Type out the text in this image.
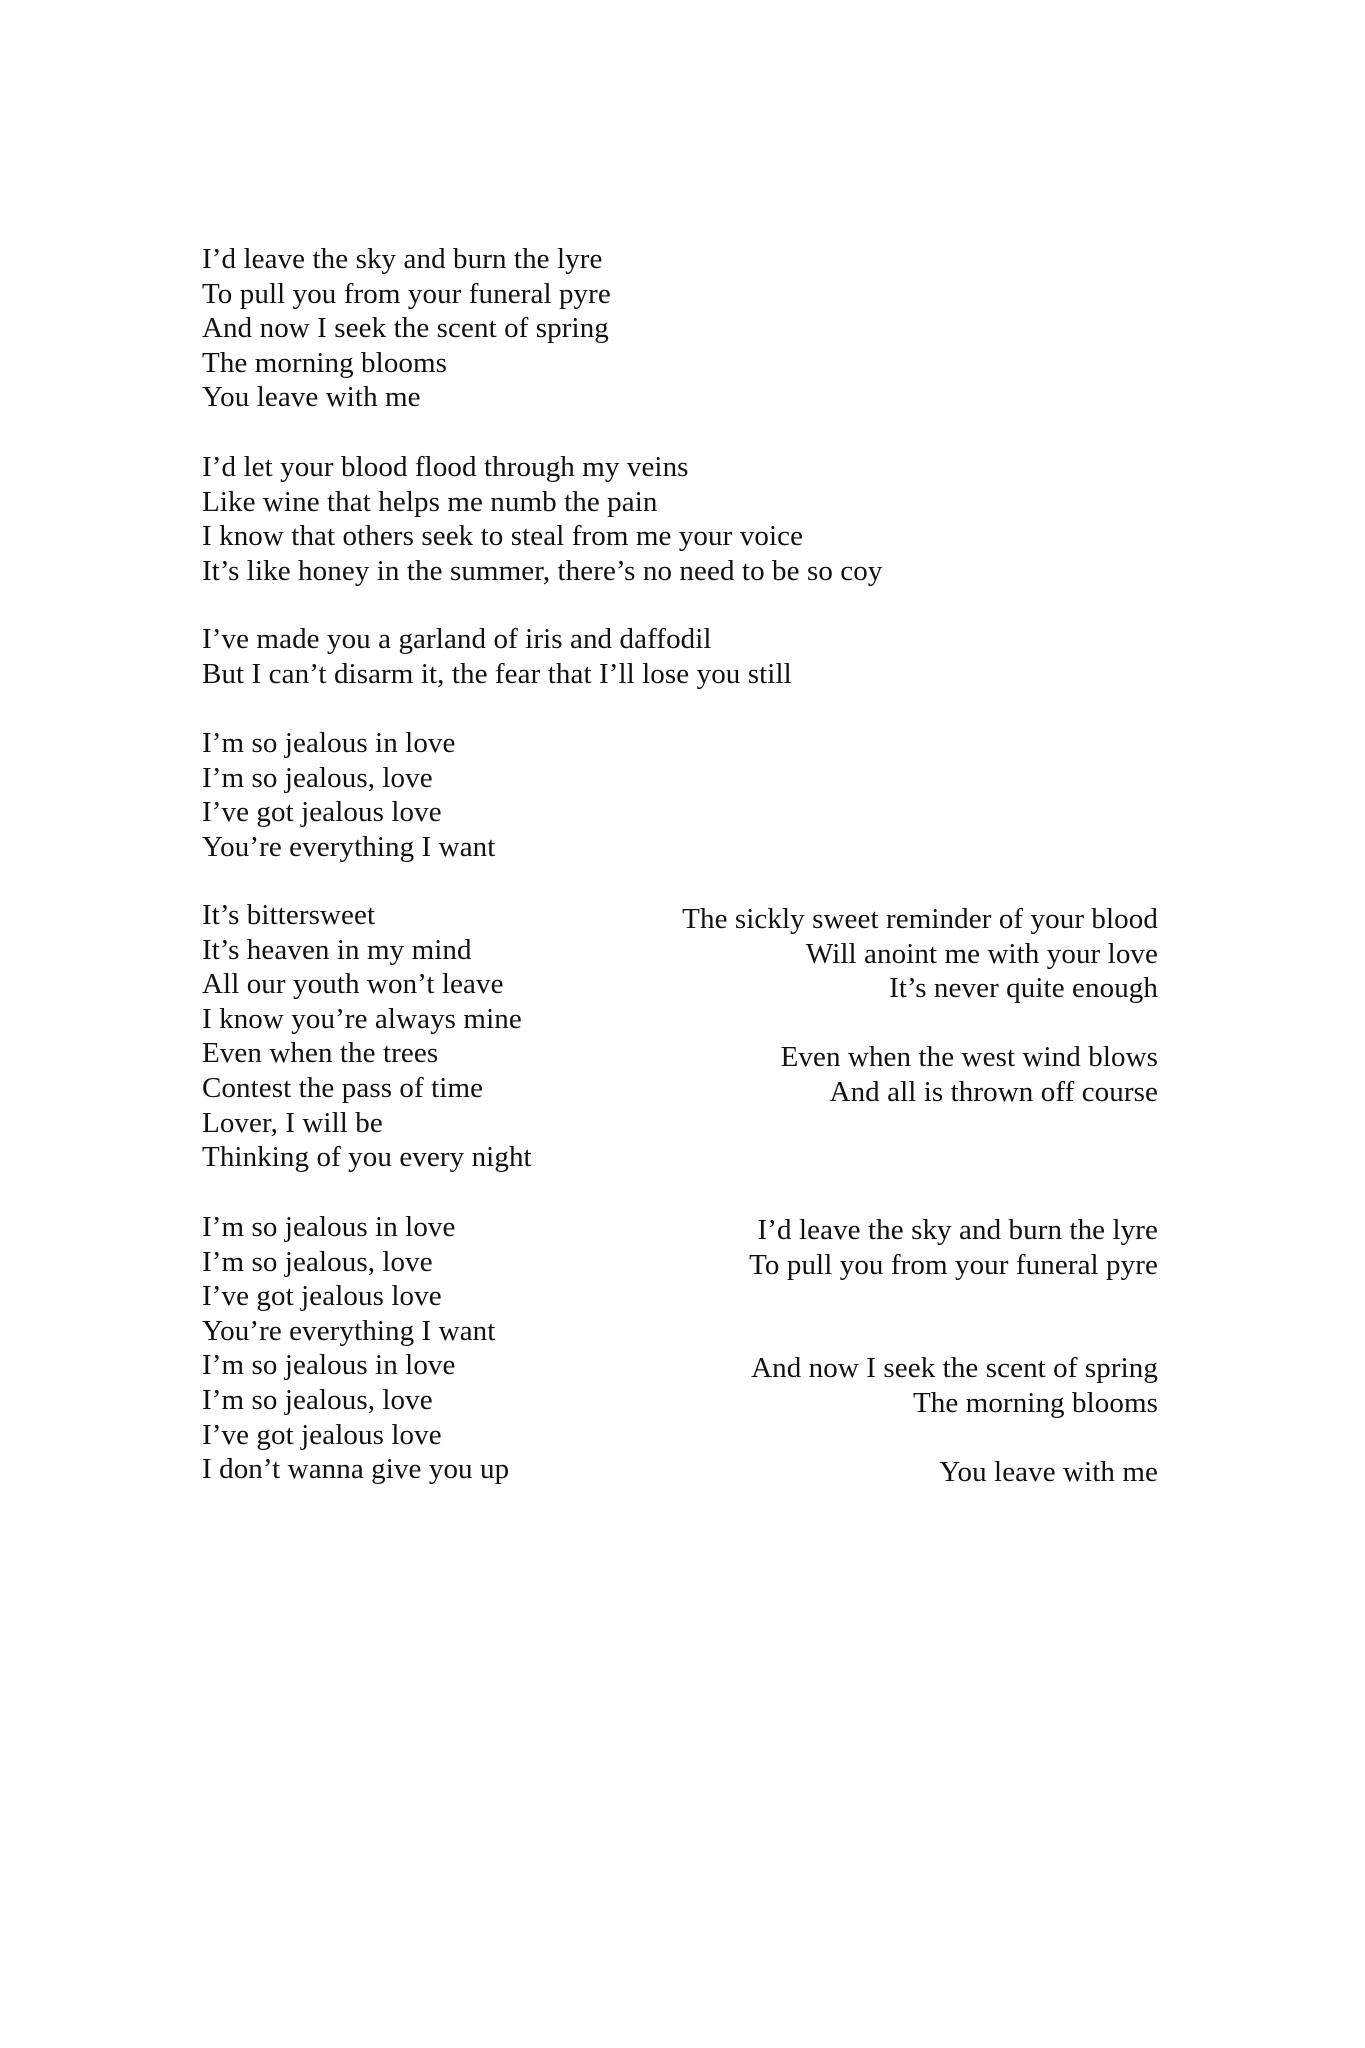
I’d leave the sky and burn the lyre
To pull you from your funeral pyre
And now I seek the scent of spring
The morning blooms
You leave with me
I’d let your blood flood through my veins
Like wine that helps me numb the pain
I know that others seek to steal from me your voice
It’s like honey in the summer, there’s no need to be so coy
I’ve made you a garland of iris and daffodil
But I can’t disarm it, the fear that I’ll lose you still
I’m so jealous in love
I’m so jealous, love
I’ve got jealous love
You’re everything I want
It’s bittersweet
It’s heaven in my mind
All our youth won’t leave
I know you’re always mine
Even when the trees
Contest the pass of time
Lover, I will be
Thinking of you every night
I’m so jealous in love
I’m so jealous, love
I’ve got jealous love
You’re everything I want
I’m so jealous in love
I’m so jealous, love
I’ve got jealous love
I don’t wanna give you up
The sickly sweet reminder of your blood
Will anoint me with your love
It’s never quite enough
Even when the west wind blows
And all is thrown off course
I’d leave the sky and burn the lyre
To pull you from your funeral pyre
And now I seek the scent of spring
The morning blooms
You leave with me
